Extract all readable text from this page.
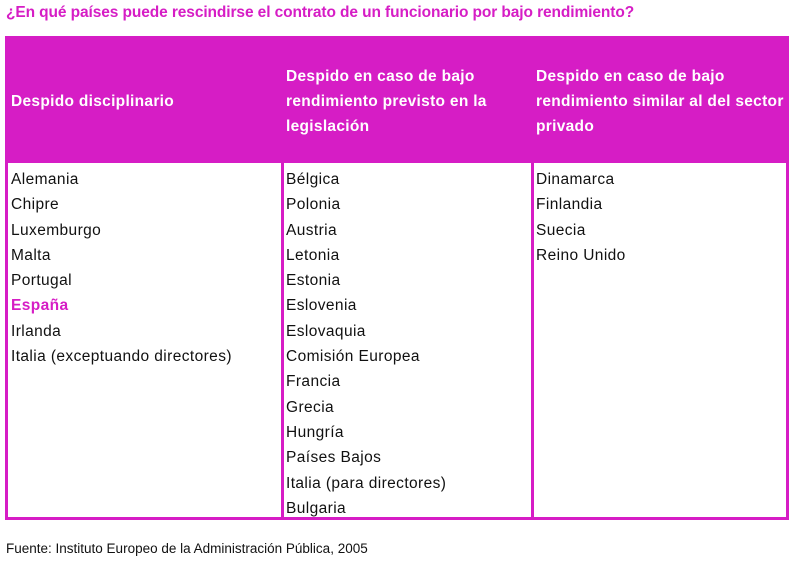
¿En qué países puede rescindirse el contrato de un funcionario por bajo rendimiento?
Despido disciplinario
Despido en caso de bajo rendimiento previsto en la legislación
Despido en caso de bajo rendimiento similar al del sector privado
Alemania
Chipre
Luxemburgo
Malta
Portugal
España
Irlanda
Italia (exceptuando directores)
Bélgica
Polonia
Austria
Letonia
Estonia
Eslovenia
Eslovaquia
Comisión Europea
Francia
Grecia
Hungría
Países Bajos
Italia (para directores)
Bulgaria
Dinamarca
Finlandia
Suecia
Reino Unido
Fuente: Instituto Europeo de la Administración Pública, 2005
